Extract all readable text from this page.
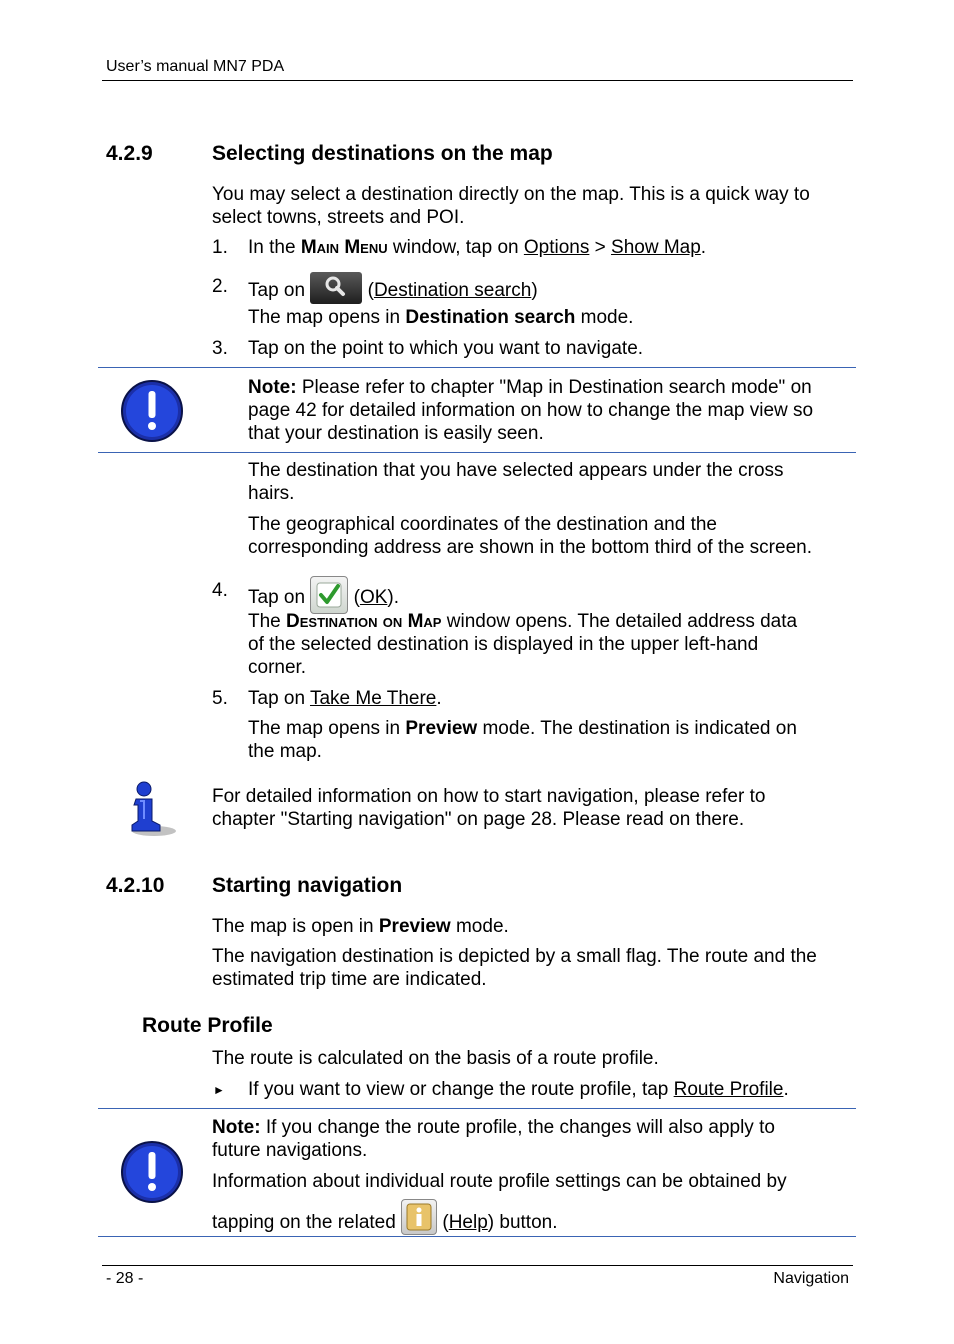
User’s manual MN7 PDA
4.2.9	Selecting destinations on the map
You may select a destination directly on the map. This is a quick way to
select towns, streets and POI.
1. In the Main Menu window, tap on Options > Show Map.
2. Tap on	(Destination search)
The map opens in Destination search mode.
3. Tap on the point to which you want to navigate.
Note: Please refer to chapter "Map in Destination search mode" on
page 42 for detailed information on how to change the map view so
that your destination is easily seen.
The destination that you have selected appears under the cross
hairs.
The geographical coordinates of the destination and the
corresponding address are shown in the bottom third of the screen.
4. Tap on
(OK).
The Destination on Map window opens. The detailed address data
of the selected destination is displayed in the upper left-hand
corner.
5. Tap on Take Me There.
The map opens in Preview mode. The destination is indicated on
the map.
For detailed information on how to start navigation, please refer to
chapter "Starting navigation" on page 28. Please read on there.
4.2.10 Starting navigation
The map is open in Preview mode.
The navigation destination is depicted by a small flag. The route and the
estimated trip time are indicated.
Route Profile
The route is calculated on the basis of a route profile.
► If you want to view or change the route profile, tap Route Profile.
Note: If you change the route profile, the changes will also apply to
future navigations.
Information about individual route profile settings can be obtained by
tapping on the related
(Help) button.
- 28 -	Navigation
